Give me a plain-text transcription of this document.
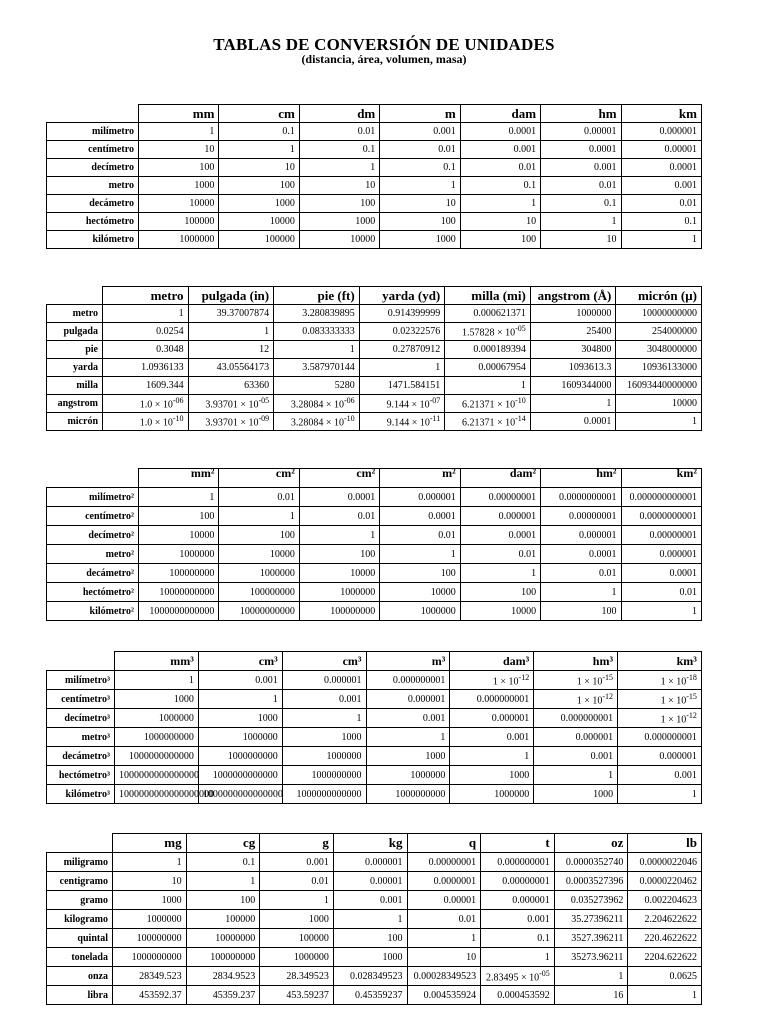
TABLAS DE CONVERSIÓN DE UNIDADES
(distancia, área, volumen, masa)
	mm	cm	dm	m	dam	hm	km
milímetro	1	0.1	0.01	0.001	0.0001	0.00001	0.000001
centímetro	10	1	0.1	0.01	0.001	0.0001	0.00001
decímetro	100	10	1	0.1	0.01	0.001	0.0001
metro	1000	100	10	1	0.1	0.01	0.001
decámetro	10000	1000	100	10	1	0.1	0.01
hectómetro	100000	10000	1000	100	10	1	0.1
kilómetro	1000000	100000	10000	1000	100	10	1
	metro	pulgada (in)	pie (ft)	yarda (yd)	milla (mi)	angstrom (Å)	micrón (μ)
metro	1	39.37007874	3.280839895	0.914399999	0.000621371	1000000	10000000000
pulgada	0.0254	1	0.083333333	0.02322576	$1.57828 \times 10^{-05}$	25400	254000000
pie	0.3048	12	1	0.27870912	0.000189394	304800	3048000000
yarda	1.0936133	43.05564173	3.587970144	1	0.00067954	1093613.3	10936133000
milla	1609.344	63360	5280	1471.584151	1	1609344000	16093440000000
angstrom	$1.0 \times 10^{-06}$	$3.93701 \times 10^{-05}$	$3.28084 \times 10^{-06}$	$9.144 \times 10^{-07}$	$6.21371 \times 10^{-10}$	1	10000
micrón	$1.0 \times 10^{-10}$	$3.93701 \times 10^{-09}$	$3.28084 \times 10^{-10}$	$9.144 \times 10^{-11}$	$6.21371 \times 10^{-14}$	0.0001	1
	mm²	cm²	cm²	m²	dam²	hm²	km²
milímetro²	1	0.01	0.0001	0.000001	0.00000001	0.0000000001	0.000000000001
centímetro²	100	1	0.01	0.0001	0.000001	0.00000001	0.0000000001
decímetro²	10000	100	1	0.01	0.0001	0.000001	0.00000001
metro²	1000000	10000	100	1	0.01	0.0001	0.000001
decámetro²	100000000	1000000	10000	100	1	0.01	0.0001
hectómetro²	10000000000	100000000	1000000	10000	100	1	0.01
kilómetro²	1000000000000	10000000000	100000000	1000000	10000	100	1
	mm³	cm³	cm³	m³	dam³	hm³	km³
milímetro³	1	0.001	0.000001	0.000000001	$1 \times 10^{-12}$	$1 \times 10^{-15}$	$1 \times 10^{-18}$
centímetro³	1000	1	0.001	0.000001	0.000000001	$1 \times 10^{-12}$	$1 \times 10^{-15}$
decímetro³	1000000	1000	1	0.001	0.000001	0.000000001	$1 \times 10^{-12}$
metro³	1000000000	1000000	1000	1	0.001	0.000001	0.000000001
decámetro³	1000000000000	1000000000	1000000	1000	1	0.001	0.000001
hectómetro³	1000000000000000	1000000000000	1000000000	1000000	1000	1	0.001
kilómetro³	1000000000000000000	1000000000000000	1000000000000	1000000000	1000000	1000	1
	mg	cg	g	kg	q	t	oz	lb
miligramo	1	0.1	0.001	0.000001	0.00000001	0.000000001	0.0000352740	0.0000022046
centigramo	10	1	0.01	0.00001	0.0000001	0.00000001	0.0003527396	0.0000220462
gramo	1000	100	1	0.001	0.00001	0.000001	0.035273962	0.002204623
kilogramo	1000000	100000	1000	1	0.01	0.001	35.27396211	2.204622622
quintal	100000000	10000000	100000	100	1	0.1	3527.396211	220.4622622
tonelada	1000000000	100000000	1000000	1000	10	1	35273.96211	2204.622622
onza	28349.523	2834.9523	28.349523	0.028349523	0.00028349523	$2.83495 \times 10^{-05}$	1	0.0625
libra	453592.37	45359.237	453.59237	0.45359237	0.004535924	0.000453592	16	1
